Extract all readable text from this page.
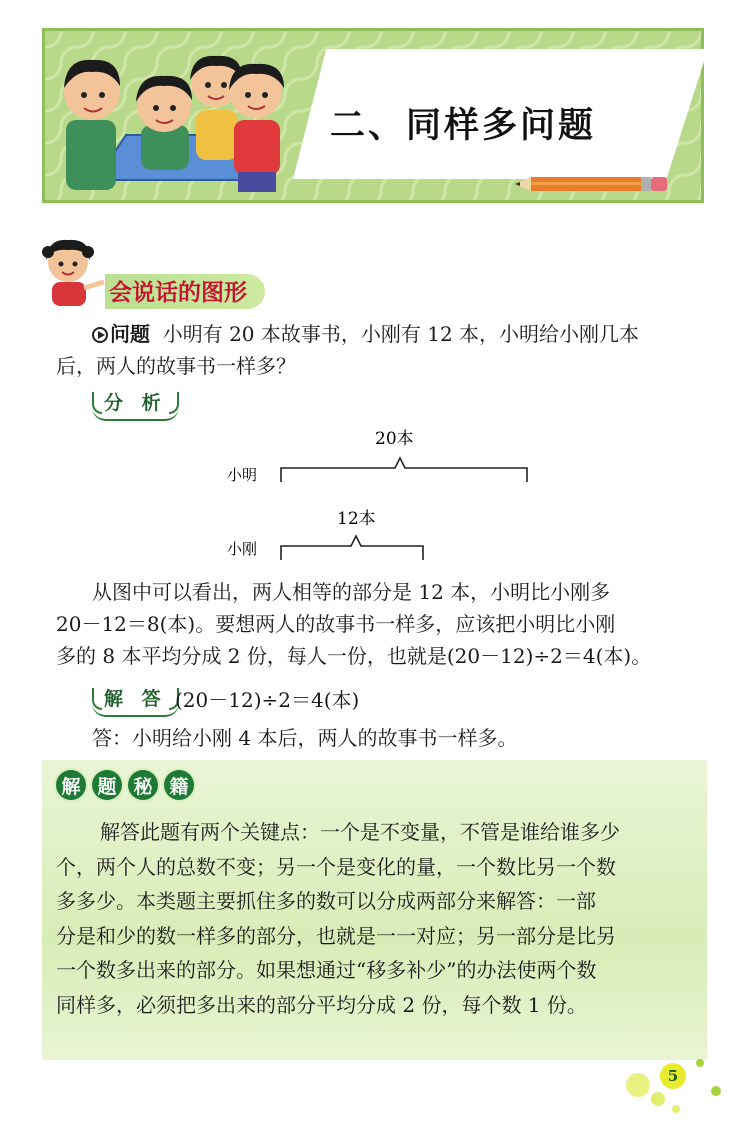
二、同样多问题
会说话的图形
问题 小明有 20 本故事书，小刚有 12 本，小明给小刚几本
后，两人的故事书一样多？
分 析
20本
小明
12本
小刚
从图中可以看出，两人相等的部分是 12 本，小明比小刚多
20－12＝8(本)。要想两人的故事书一样多，应该把小明比小刚
多的 8 本平均分成 2 份，每人一份，也就是(20－12)÷2＝4(本)。
解 答 (20－12)÷2＝4(本)
答：小明给小刚 4 本后，两人的故事书一样多。
解 题 秘 籍
解答此题有两个关键点：一个是不变量，不管是谁给谁多少
个，两个人的总数不变；另一个是变化的量，一个数比另一个数
多多少。本类题主要抓住多的数可以分成两部分来解答：一部
分是和少的数一样多的部分，也就是一一对应；另一部分是比另
一个数多出来的部分。如果想通过“移多补少”的办法使两个数
同样多，必须把多出来的部分平均分成 2 份，每个数 1 份。
5
